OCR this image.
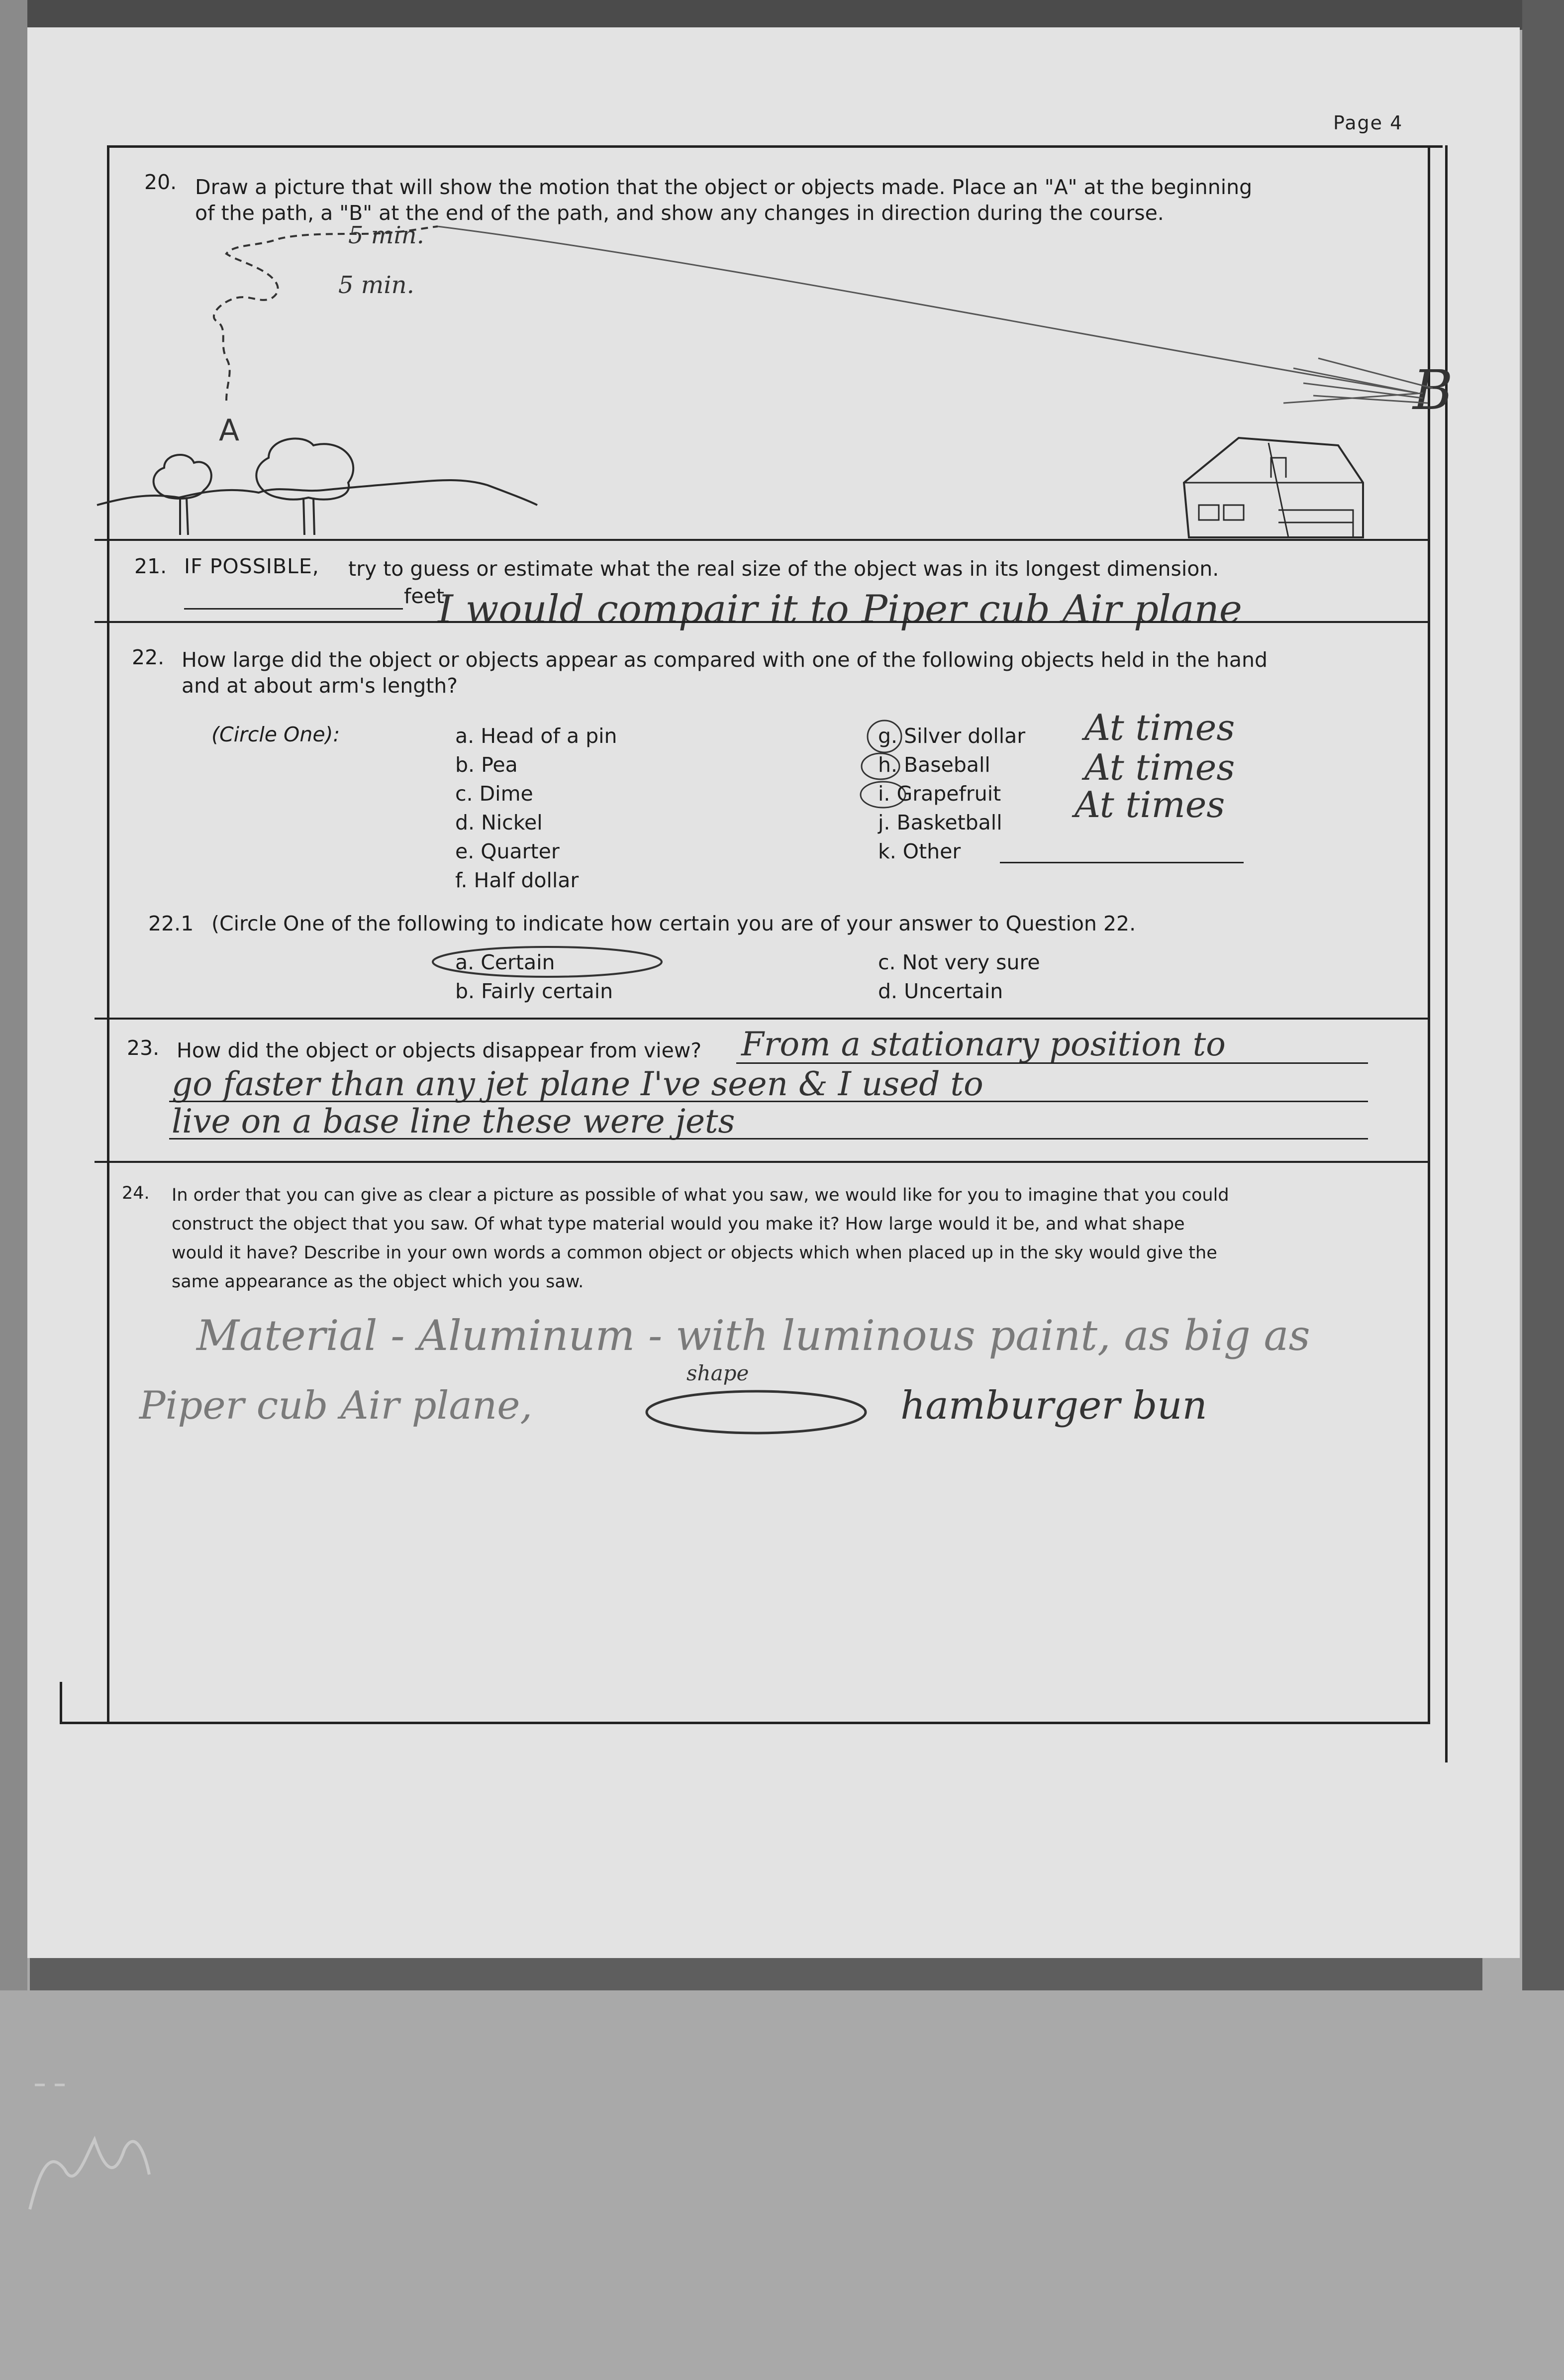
Page 4
20. Draw a picture that will show the motion that the object or objects made. Place an "A" at the beginning
of the path, a "B" at the end of the path, and show any changes in direction during the course.
5 min.
5 min.
A
B
21. IF POSSIBLE, try to guess or estimate what the real size of the object was in its longest dimension.
feet.
I would compair it to Piper cub Air plane
22. How large did the object or objects appear as compared with one of the following objects held in the hand
and at about arm's length?
(Circle One):	a. Head of a pin
b. Pea
c. Dime
d. Nickel
e. Quarter
f. Half dollar
g. Silver dollar
h. Baseball
i. Grapefruit
j. Basketball
k. Other
At times
At times
At times
22.1 (Circle One of the following to indicate how certain you are of your answer to Question 22.
a. Certain
b. Fairly certain
c. Not very sure
d. Uncertain
23. How did the object or objects disappear from view? From a stationary position to
go faster than any jet plane I've seen & I used to
live on a base line these were jets
24. In order that you can give as clear a picture as possible of what you saw, we would like for you to imagine that you could
construct the object that you saw. Of what type material would you make it? How large would it be, and what shape
would it have? Describe in your own words a common object or objects which when placed up in the sky would give the
same appearance as the object which you saw.
Material - Aluminum - with luminous paint, as big as
Piper cub Air plane,
shape
hamburger bun
